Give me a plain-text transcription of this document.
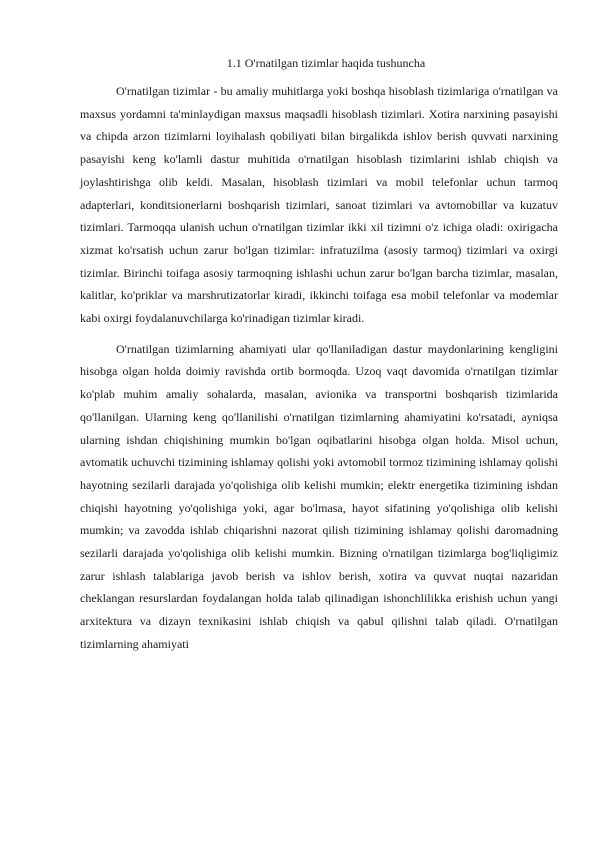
1.1 O'rnatilgan tizimlar haqida tushuncha

O'rnatilgan tizimlar - bu amaliy muhitlarga yoki boshqa hisoblash tizimlariga o'rnatilgan va maxsus yordamni ta'minlaydigan maxsus maqsadli hisoblash tizimlari. Xotira narxining pasayishi va chipda arzon tizimlarni loyihalash qobiliyati bilan birgalikda ishlov berish quvvati narxining pasayishi keng ko'lamli dastur muhitida o'rnatilgan hisoblash tizimlarini ishlab chiqish va joylashtirishga olib keldi. Masalan, hisoblash tizimlari va mobil telefonlar uchun tarmoq adapterlari, konditsionerlarni boshqarish tizimlari, sanoat tizimlari va avtomobillar va kuzatuv tizimlari. Tarmoqqa ulanish uchun o'rnatilgan tizimlar ikki xil tizimni o'z ichiga oladi: oxirigacha xizmat ko'rsatish uchun zarur bo'lgan tizimlar: infratuzilma (asosiy tarmoq) tizimlari va oxirgi tizimlar. Birinchi toifaga asosiy tarmoqning ishlashi uchun zarur bo'lgan barcha tizimlar, masalan, kalitlar, ko'priklar va marshrutizatorlar kiradi, ikkinchi toifaga esa mobil telefonlar va modemlar kabi oxirgi foydalanuvchilarga ko'rinadigan tizimlar kiradi.

O'rnatilgan tizimlarning ahamiyati ular qo'llaniladigan dastur maydonlarining kengligini hisobga olgan holda doimiy ravishda ortib bormoqda. Uzoq vaqt davomida o'rnatilgan tizimlar ko'plab muhim amaliy sohalarda, masalan, avionika va transportni boshqarish tizimlarida qo'llanilgan. Ularning keng qo'llanilishi o'rnatilgan tizimlarning ahamiyatini ko'rsatadi, ayniqsa ularning ishdan chiqishining mumkin bo'lgan oqibatlarini hisobga olgan holda. Misol uchun, avtomatik uchuvchi tizimining ishlamay qolishi yoki avtomobil tormoz tizimining ishlamay qolishi hayotning sezilarli darajada yo'qolishiga olib kelishi mumkin; elektr energetika tizimining ishdan chiqishi hayotning yo'qolishiga yoki, agar bo'lmasa, hayot sifatining yo'qolishiga olib kelishi mumkin; va zavodda ishlab chiqarishni nazorat qilish tizimining ishlamay qolishi daromadning sezilarli darajada yo'qolishiga olib kelishi mumkin. Bizning o'rnatilgan tizimlarga bog'liqligimiz zarur ishlash talablariga javob berish va ishlov berish, xotira va quvvat nuqtai nazaridan cheklangan resurslardan foydalangan holda talab qilinadigan ishonchlilikka erishish uchun yangi arxitektura va dizayn texnikasini ishlab chiqish va qabul qilishni talab qiladi. O'rnatilgan tizimlarning ahamiyati
